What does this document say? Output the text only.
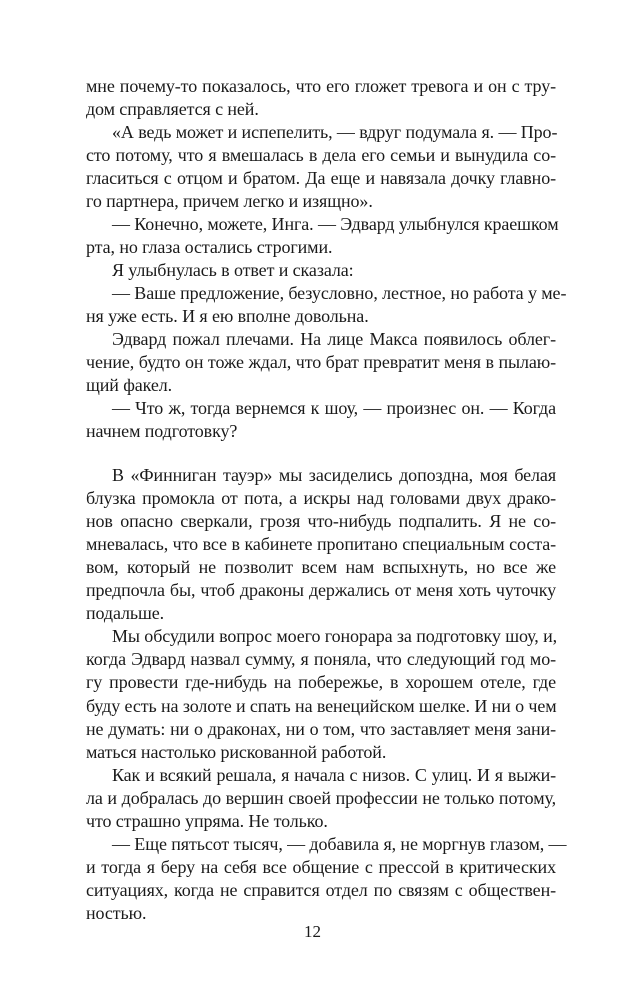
мне почему-то показалось, что его гложет тревога и он с тру-
дом справляется с ней.
«А ведь может и испепелить, — вдруг подумала я. — Про-
сто потому, что я вмешалась в дела его семьи и вынудила со-
гласиться с отцом и братом. Да еще и навязала дочку главно-
го партнера, причем легко и изящно».
— Конечно, можете, Инга. — Эдвард улыбнулся краешком
рта, но глаза остались строгими.
Я улыбнулась в ответ и сказала:
— Ваше предложение, безусловно, лестное, но работа у ме-
ня уже есть. И я ею вполне довольна.
Эдвард пожал плечами. На лице Макса появилось облег-
чение, будто он тоже ждал, что брат превратит меня в пылаю-
щий факел.
— Что ж, тогда вернемся к шоу, — произнес он. — Когда
начнем подготовку?
В «Финниган тауэр» мы засиделись допоздна, моя белая
блузка промокла от пота, а искры над головами двух драко-
нов опасно сверкали, грозя что-нибудь подпалить. Я не со-
мневалась, что все в кабинете пропитано специальным соста-
вом, который не позволит всем нам вспыхнуть, но все же
предпочла бы, чтоб драконы держались от меня хоть чуточку
подальше.
Мы обсудили вопрос моего гонорара за подготовку шоу, и,
когда Эдвард назвал сумму, я поняла, что следующий год мо-
гу провести где-нибудь на побережье, в хорошем отеле, где
буду есть на золоте и спать на венецийском шелке. И ни о чем
не думать: ни о драконах, ни о том, что заставляет меня зани-
маться настолько рискованной работой.
Как и всякий решала, я начала с низов. С улиц. И я выжи-
ла и добралась до вершин своей профессии не только потому,
что страшно упряма. Не только.
— Еще пятьсот тысяч, — добавила я, не моргнув глазом, —
и тогда я беру на себя все общение с прессой в критических
ситуациях, когда не справится отдел по связям с обществен-
ностью.
12
